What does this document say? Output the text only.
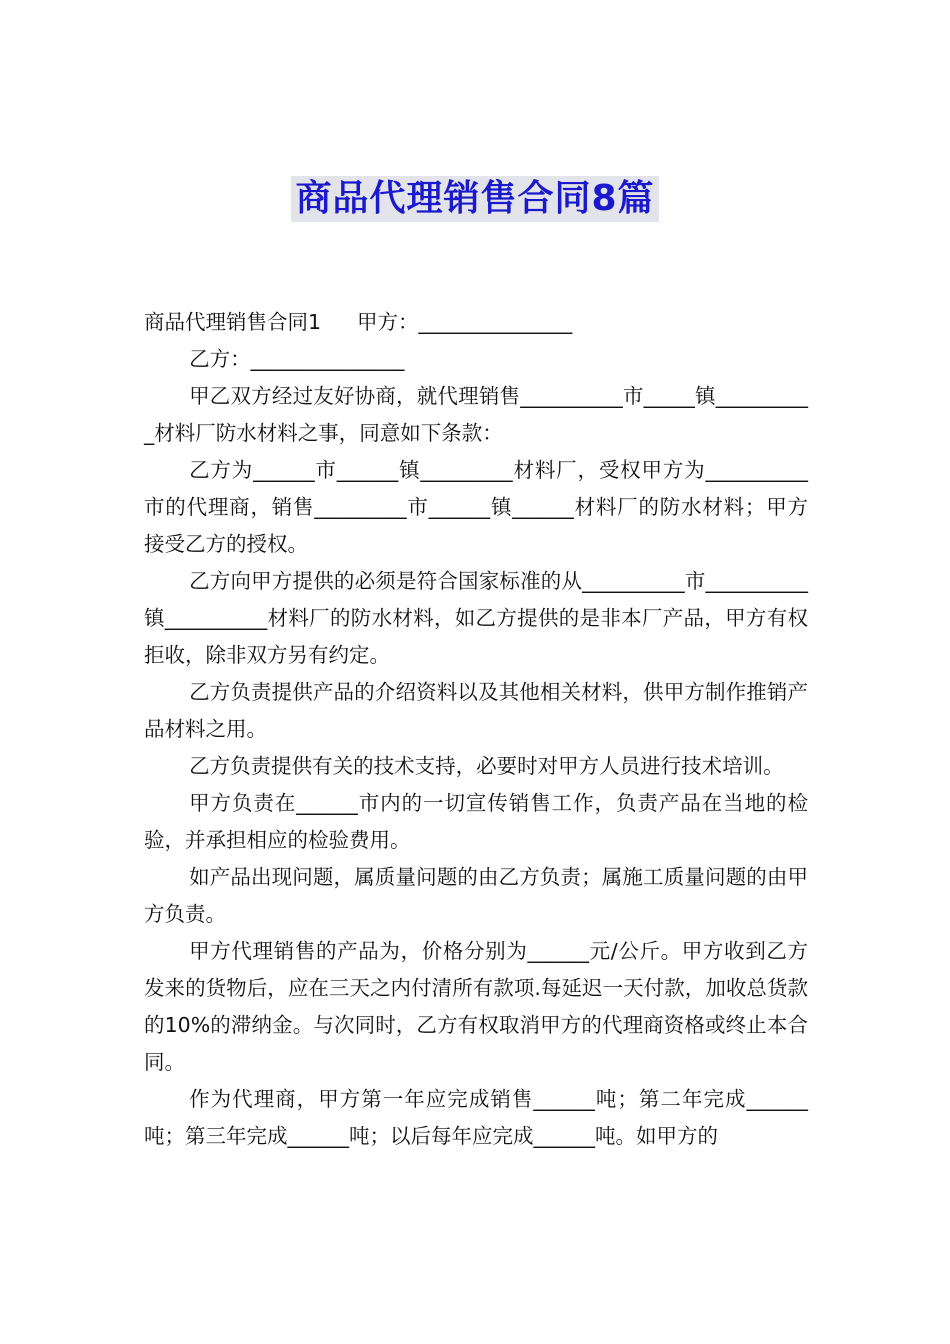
商品代理销售合同8篇

商品代理销售合同1 甲方：_______________

乙方：_______________

甲乙双方经过友好协商，就代理销售__________市_____镇__________材料厂防水材料之事，同意如下条款：

乙方为______市______镇_________材料厂，受权甲方为__________市的代理商，销售_________市______镇______材料厂的防水材料；甲方接受乙方的授权。

乙方向甲方提供的必须是符合国家标准的从__________市__________镇__________材料厂的防水材料，如乙方提供的是非本厂产品，甲方有权拒收，除非双方另有约定。

乙方负责提供产品的介绍资料以及其他相关材料，供甲方制作推销产品材料之用。

乙方负责提供有关的技术支持，必要时对甲方人员进行技术培训。

甲方负责在______市内的一切宣传销售工作，负责产品在当地的检验，并承担相应的检验费用。

如产品出现问题，属质量问题的由乙方负责；属施工质量问题的由甲方负责。

甲方代理销售的产品为，价格分别为______元/公斤。甲方收到乙方发来的货物后，应在三天之内付清所有款项.每延迟一天付款，加收总货款的10%的滞纳金。与次同时，乙方有权取消甲方的代理商资格或终止本合同。

作为代理商，甲方第一年应完成销售______吨；第二年完成______吨；第三年完成______吨；以后每年应完成______吨。如甲方的
